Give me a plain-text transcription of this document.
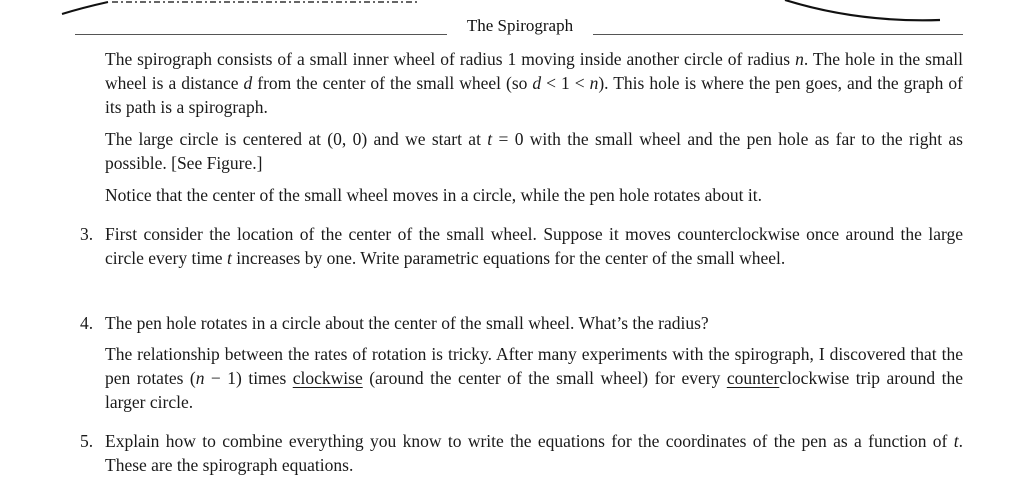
The Spirograph
The spirograph consists of a small inner wheel of radius 1 moving inside another circle of radius n. The hole in the small wheel is a distance d from the center of the small wheel (so d < 1 < n). This hole is where the pen goes, and the graph of its path is a spirograph.
The large circle is centered at (0, 0) and we start at t = 0 with the small wheel and the pen hole as far to the right as possible. [See Figure.]
Notice that the center of the small wheel moves in a circle, while the pen hole rotates about it.
3. First consider the location of the center of the small wheel. Suppose it moves counterclockwise once around the large circle every time t increases by one. Write parametric equations for the center of the small wheel.
4. The pen hole rotates in a circle about the center of the small wheel. What’s the radius?
The relationship between the rates of rotation is tricky. After many experiments with the spirograph, I discovered that the pen rotates (n − 1) times clockwise (around the center of the small wheel) for every counterclockwise trip around the larger circle.
5. Explain how to combine everything you know to write the equations for the coordinates of the pen as a function of t. These are the spirograph equations.
